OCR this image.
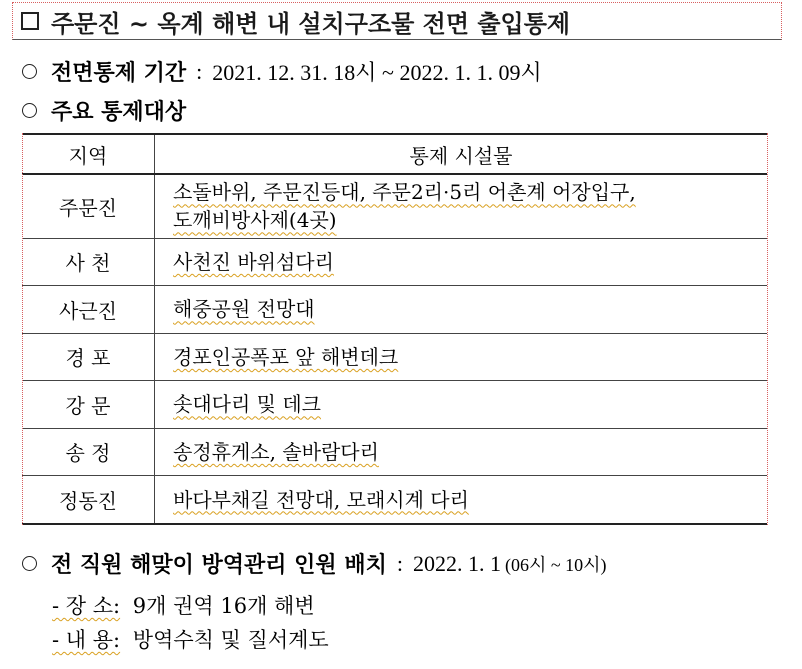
주문진 ~ 옥계 해변 내 설치구조물 전면 출입통제
전면통제 기간 : 2021. 12. 31. 18시 ~ 2022. 1. 1. 09시
주요 통제대상
지역	통제 시설물
주문진	소돌바위, 주문진등대, 주문2리·5리 어촌계 어장입구,
도깨비방사제(4곳)

사 천	사천진 바위섬다리
사근진	해중공원 전망대
경 포	경포인공폭포 앞 해변데크
강 문	솟대다리 및 데크
송 정	송정휴게소, 솔바람다리
정동진	바다부채길 전망대, 모래시계 다리
전 직원 해맞이 방역관리 인원 배치 : 2022. 1. 1 (06시 ~ 10시)
- 장 소: 9개 권역 16개 해변
- 내 용: 방역수칙 및 질서계도
